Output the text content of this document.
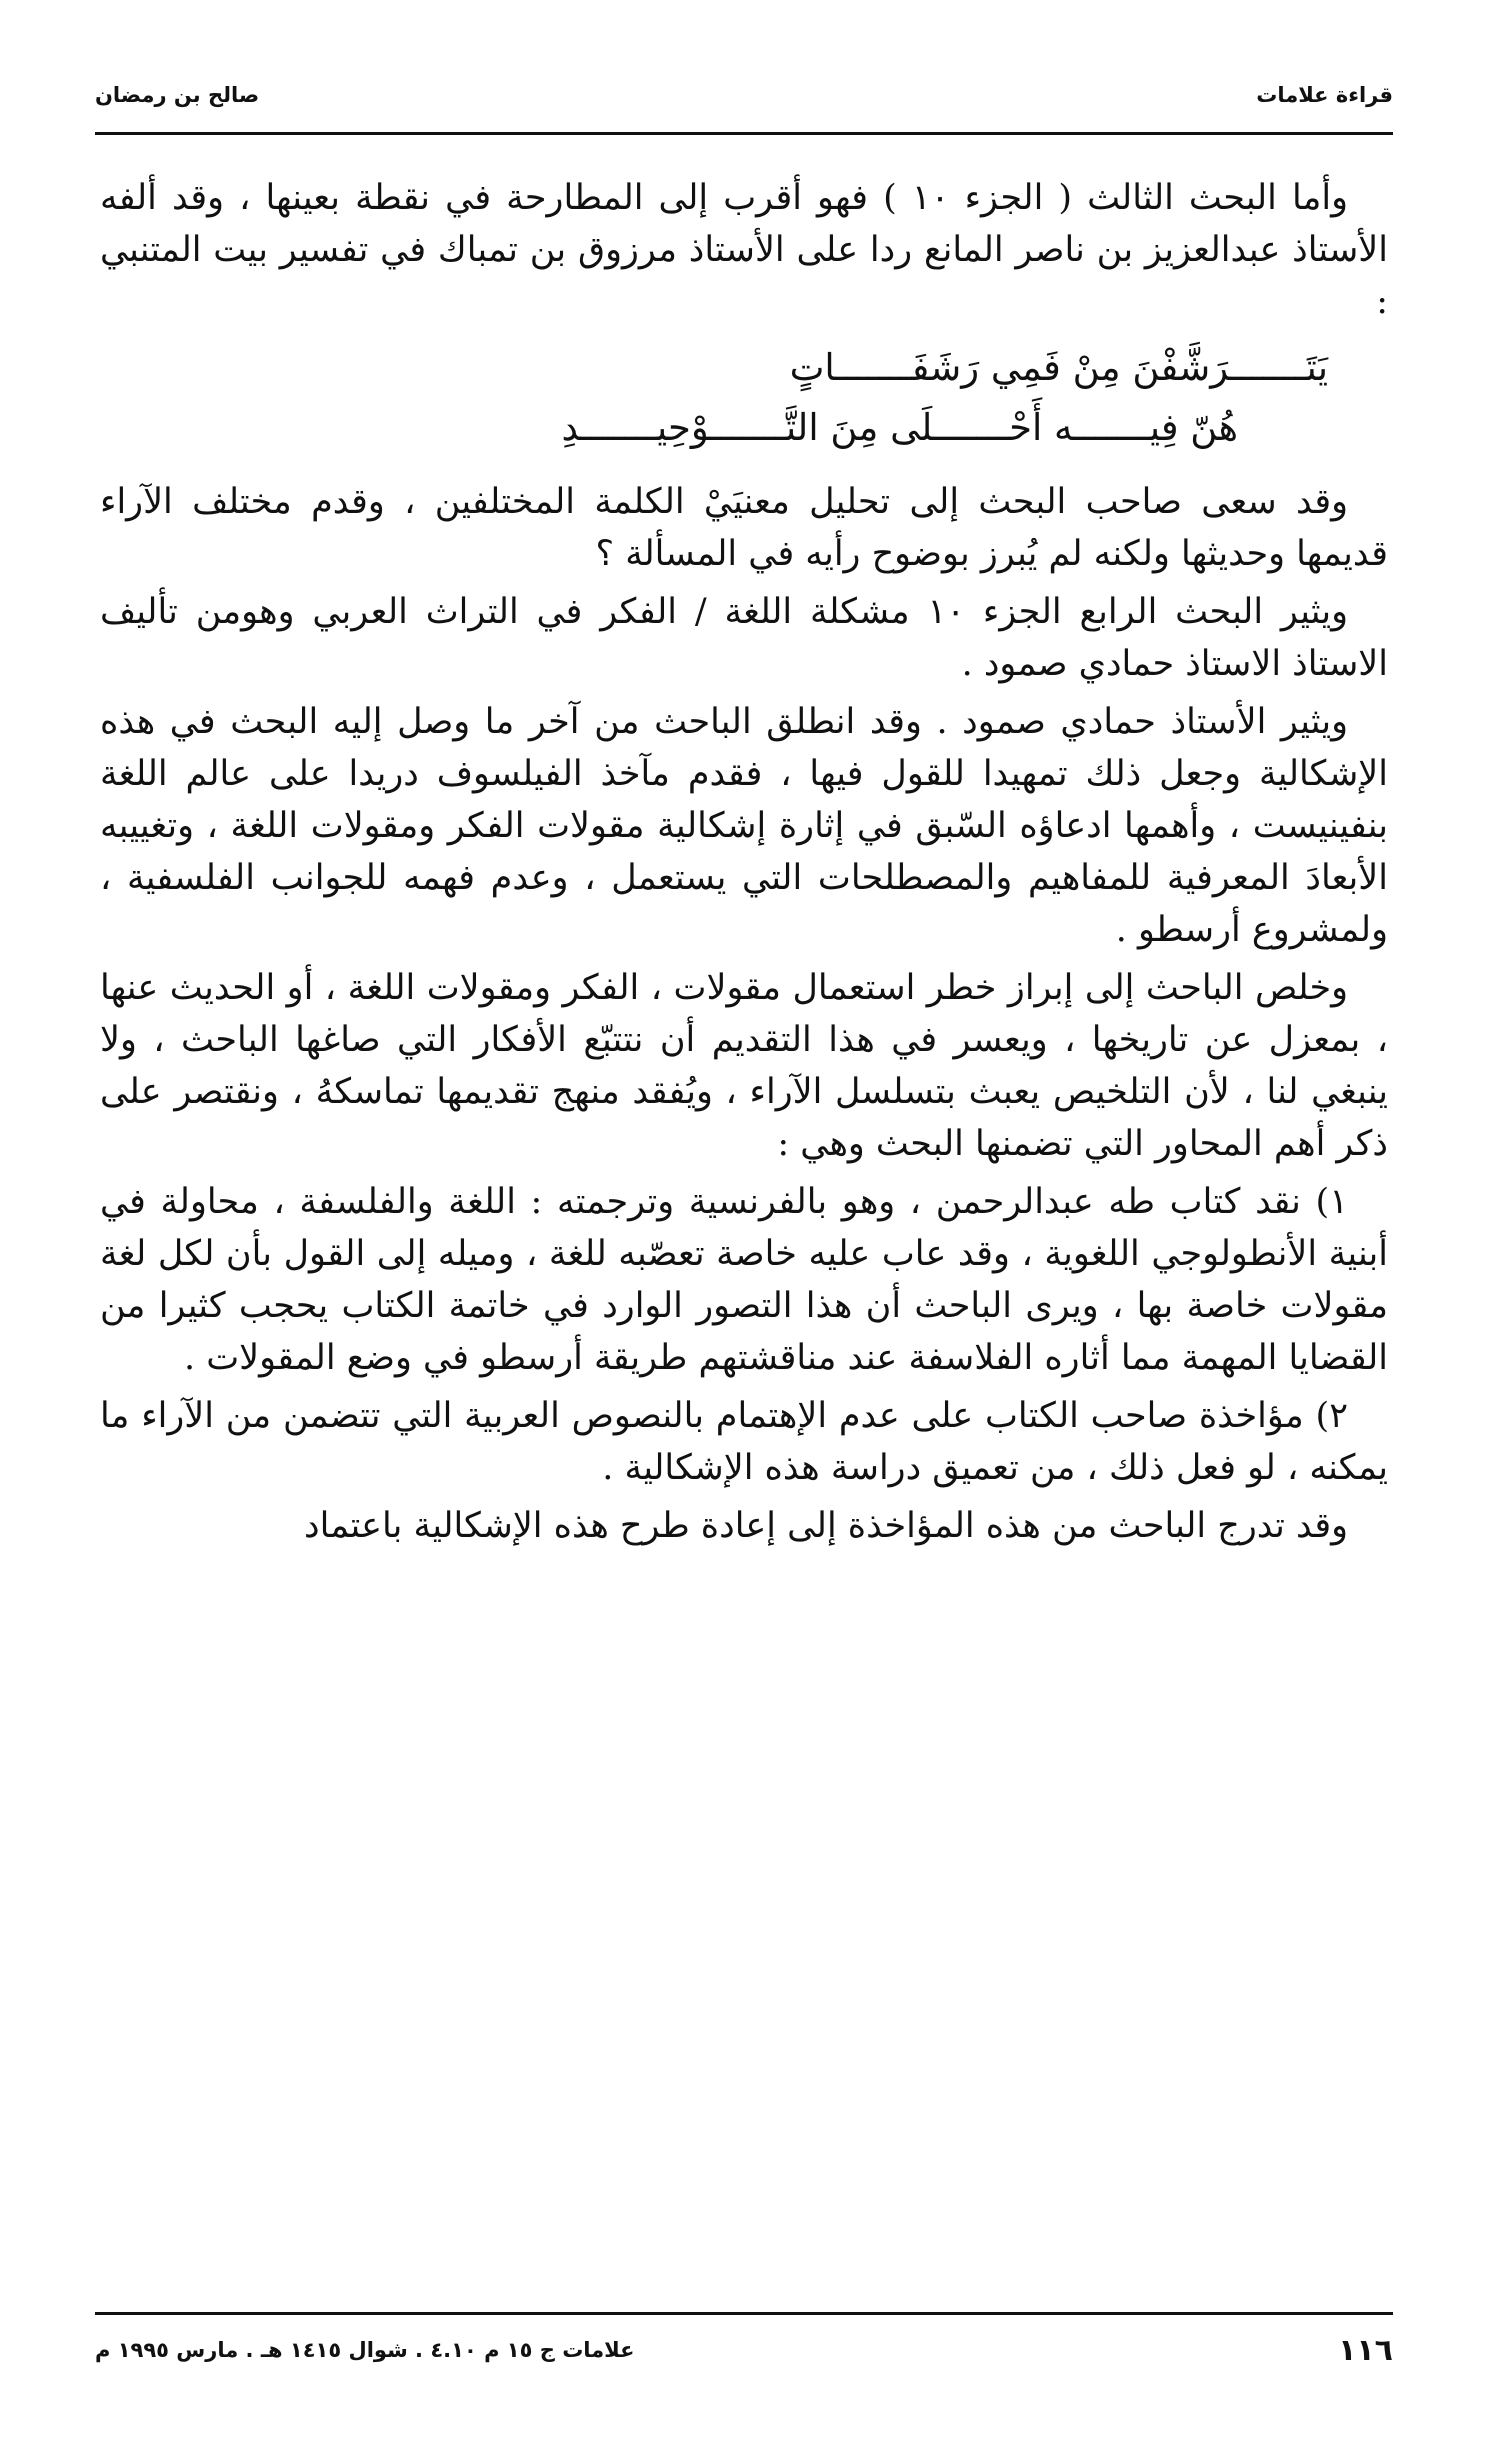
قراءة علامات
صالح بن رمضان

وأما البحث الثالث ( الجزء ١٠ ) فهو أقرب إلى المطارحة في نقطة بعينها ، وقد ألفه الأستاذ عبدالعزيز بن ناصر المانع ردا على الأستاذ مرزوق بن تمباك في تفسير بيت المتنبي :

يَتَـــــــرَشَّفْنَ مِنْ فَمِي رَشَفَـــــــاتٍ
هُنّ فِيـــــــه أَحْـــــــلَى مِنَ التَّـــــــوْحِيـــــــدِ

وقد سعى صاحب البحث إلى تحليل معنيَيْ الكلمة المختلفين ، وقدم مختلف الآراء قديمها وحديثها ولكنه لم يُبرز بوضوح رأيه في المسألة ؟

ويثير البحث الرابع الجزء ١٠ مشكلة اللغة / الفكر في التراث العربي وهومن تأليف الاستاذ الاستاذ حمادي صمود .

ويثير الأستاذ حمادي صمود . وقد انطلق الباحث من آخر ما وصل إليه البحث في هذه الإشكالية وجعل ذلك تمهيدا للقول فيها ، فقدم مآخذ الفيلسوف دريدا على عالم اللغة بنفينيست ، وأهمها ادعاؤه السّبق في إثارة إشكالية مقولات الفكر ومقولات اللغة ، وتغييبه الأبعادَ المعرفية للمفاهيم والمصطلحات التي يستعمل ، وعدم فهمه للجوانب الفلسفية ، ولمشروع أرسطو .

وخلص الباحث إلى إبراز خطر استعمال مقولات ، الفكر ومقولات اللغة ، أو الحديث عنها ، بمعزل عن تاريخها ، ويعسر في هذا التقديم أن نتتبّع الأفكار التي صاغها الباحث ، ولا ينبغي لنا ، لأن التلخيص يعبث بتسلسل الآراء ، ويُفقد منهج تقديمها تماسكهُ ، ونقتصر على ذكر أهم المحاور التي تضمنها البحث وهي :

١) نقد كتاب طه عبدالرحمن ، وهو بالفرنسية وترجمته : اللغة والفلسفة ، محاولة في أبنية الأنطولوجي اللغوية ، وقد عاب عليه خاصة تعصّبه للغة ، وميله إلى القول بأن لكل لغة مقولات خاصة بها ، ويرى الباحث أن هذا التصور الوارد في خاتمة الكتاب يحجب كثيرا من القضايا المهمة مما أثاره الفلاسفة عند مناقشتهم طريقة أرسطو في وضع المقولات .

٢) مؤاخذة صاحب الكتاب على عدم الإهتمام بالنصوص العربية التي تتضمن من الآراء ما يمكنه ، لو فعل ذلك ، من تعميق دراسة هذه الإشكالية .

وقد تدرج الباحث من هذه المؤاخذة إلى إعادة طرح هذه الإشكالية باعتماد

١١٦
علامات ج ١٥ م ٤.١٠ . شوال ١٤١٥ هـ . مارس ١٩٩٥ م
